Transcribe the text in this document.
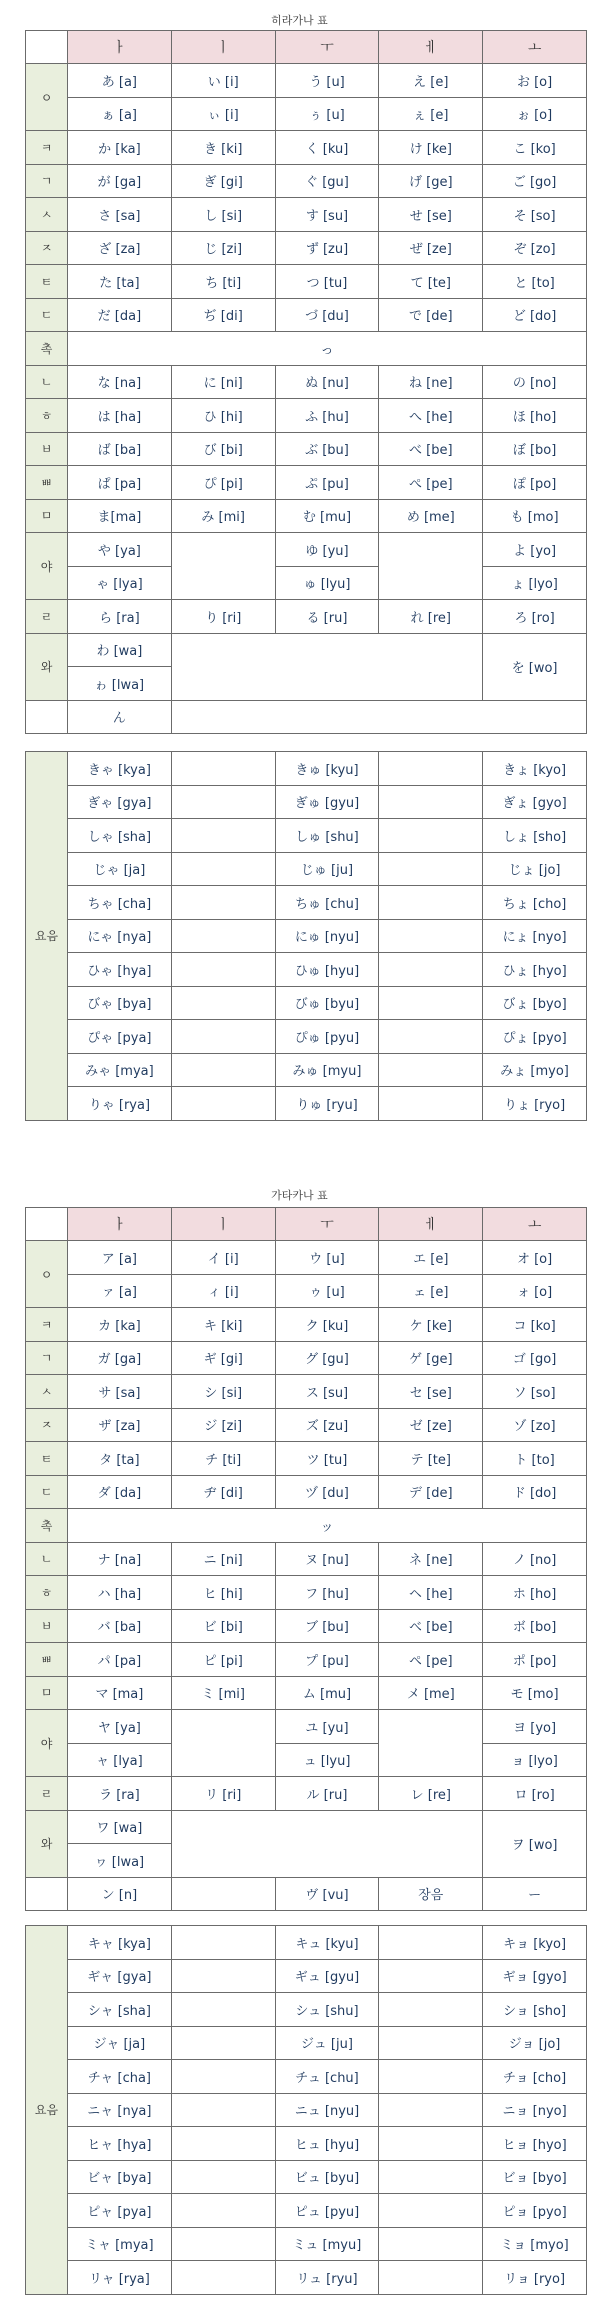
히라가나 표
	ㅏ	ㅣ	ㅜ	ㅔ	ㅗ
ㅇ	あ [a]	い [i]	う [u]	え [e]	お [o]
	ぁ [a]	ぃ [i]	ぅ [u]	ぇ [e]	ぉ [o]
ㅋ	か [ka]	き [ki]	く [ku]	け [ke]	こ [ko]
ㄱ	が [ga]	ぎ [gi]	ぐ [gu]	げ [ge]	ご [go]
ㅅ	さ [sa]	し [si]	す [su]	せ [se]	そ [so]
ㅈ	ざ [za]	じ [zi]	ず [zu]	ぜ [ze]	ぞ [zo]
ㅌ	た [ta]	ち [ti]	つ [tu]	て [te]	と [to]
ㄷ	だ [da]	ぢ [di]	づ [du]	で [de]	ど [do]
촉	っ				
ㄴ	な [na]	に [ni]	ぬ [nu]	ね [ne]	の [no]
ㅎ	は [ha]	ひ [hi]	ふ [hu]	へ [he]	ほ [ho]
ㅂ	ば [ba]	び [bi]	ぶ [bu]	べ [be]	ぼ [bo]
ㅃ	ぱ [pa]	ぴ [pi]	ぷ [pu]	ぺ [pe]	ぽ [po]
ㅁ	ま[ma]	み [mi]	む [mu]	め [me]	も [mo]
야	や [ya]		ゆ [yu]		よ [yo]
	ゃ [lya]		ゅ [lyu]		ょ [lyo]
ㄹ	ら [ra]	り [ri]	る [ru]	れ [re]	ろ [ro]
와	わ [wa]				を [wo]
	ゎ [lwa]				
	ん				
요음	きゃ [kya]		きゅ [kyu]		きょ [kyo]
	ぎゃ [gya]		ぎゅ [gyu]		ぎょ [gyo]
	しゃ [sha]		しゅ [shu]		しょ [sho]
	じゃ [ja]		じゅ [ju]		じょ [jo]
	ちゃ [cha]		ちゅ [chu]		ちょ [cho]
	にゃ [nya]		にゅ [nyu]		にょ [nyo]
	ひゃ [hya]		ひゅ [hyu]		ひょ [hyo]
	びゃ [bya]		びゅ [byu]		びょ [byo]
	ぴゃ [pya]		ぴゅ [pyu]		ぴょ [pyo]
	みゃ [mya]		みゅ [myu]		みょ [myo]
	りゃ [rya]		りゅ [ryu]		りょ [ryo]
가타카나 표
	ㅏ	ㅣ	ㅜ	ㅔ	ㅗ
ㅇ	ア [a]	イ [i]	ウ [u]	エ [e]	オ [o]
	ァ [a]	ィ [i]	ゥ [u]	ェ [e]	ォ [o]
ㅋ	カ [ka]	キ [ki]	ク [ku]	ケ [ke]	コ [ko]
ㄱ	ガ [ga]	ギ [gi]	グ [gu]	ゲ [ge]	ゴ [go]
ㅅ	サ [sa]	シ [si]	ス [su]	セ [se]	ソ [so]
ㅈ	ザ [za]	ジ [zi]	ズ [zu]	ゼ [ze]	ゾ [zo]
ㅌ	タ [ta]	チ [ti]	ツ [tu]	テ [te]	ト [to]
ㄷ	ダ [da]	ヂ [di]	ヅ [du]	デ [de]	ド [do]
촉	ッ				
ㄴ	ナ [na]	ニ [ni]	ヌ [nu]	ネ [ne]	ノ [no]
ㅎ	ハ [ha]	ヒ [hi]	フ [hu]	ヘ [he]	ホ [ho]
ㅂ	バ [ba]	ビ [bi]	ブ [bu]	ベ [be]	ボ [bo]
ㅃ	パ [pa]	ピ [pi]	プ [pu]	ペ [pe]	ポ [po]
ㅁ	マ [ma]	ミ [mi]	ム [mu]	メ [me]	モ [mo]
야	ヤ [ya]		ユ [yu]		ヨ [yo]
	ャ [lya]		ュ [lyu]		ョ [lyo]
ㄹ	ラ [ra]	リ [ri]	ル [ru]	レ [re]	ロ [ro]
와	ワ [wa]				ヲ [wo]
	ヮ [lwa]				
	ン [n]		ヴ [vu]	장음	ー
요음	キャ [kya]		キュ [kyu]		キョ [kyo]
	ギャ [gya]		ギュ [gyu]		ギョ [gyo]
	シャ [sha]		シュ [shu]		ショ [sho]
	ジャ [ja]		ジュ [ju]		ジョ [jo]
	チャ [cha]		チュ [chu]		チョ [cho]
	ニャ [nya]		ニュ [nyu]		ニョ [nyo]
	ヒャ [hya]		ヒュ [hyu]		ヒョ [hyo]
	ビャ [bya]		ビュ [byu]		ビョ [byo]
	ピャ [pya]		ピュ [pyu]		ピョ [pyo]
	ミャ [mya]		ミュ [myu]		ミョ [myo]
	リャ [rya]		リュ [ryu]		リョ [ryo]
